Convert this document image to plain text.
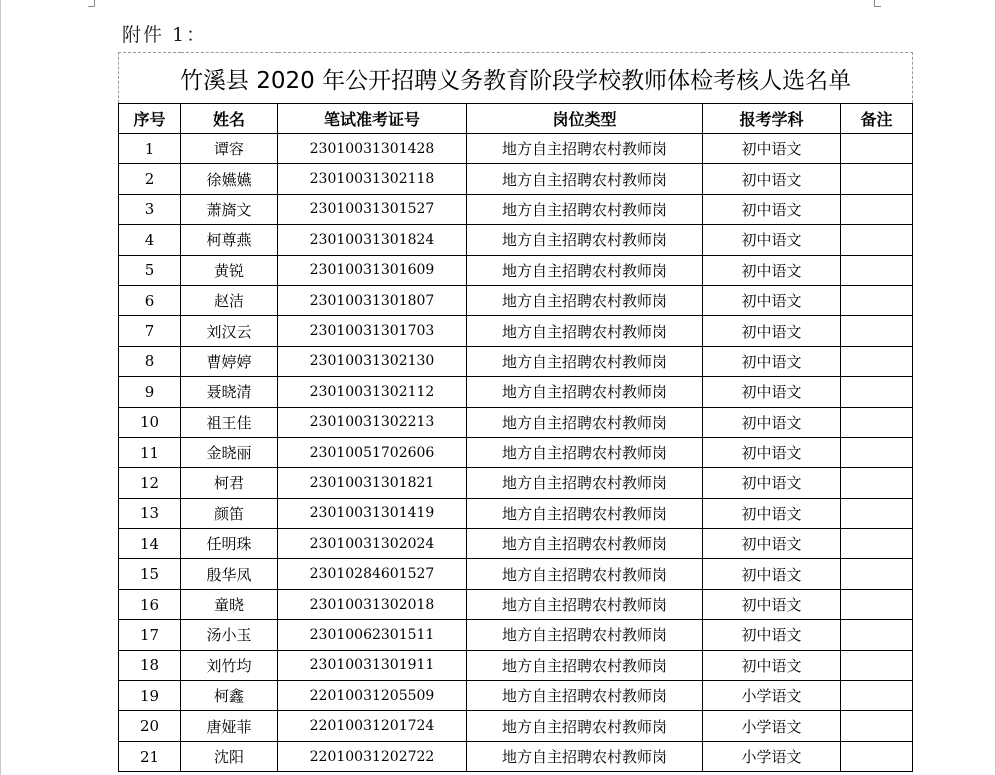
附件 1：
竹溪县 2020 年公开招聘义务教育阶段学校教师体检考核人选名单					
序号	姓名	笔试准考证号	岗位类型	报考学科	备注
1	谭容	23010031301428	地方自主招聘农村教师岗	初中语文	
2	徐嬿嬿	23010031302118	地方自主招聘农村教师岗	初中语文	
3	萧旖文	23010031301527	地方自主招聘农村教师岗	初中语文	
4	柯尊燕	23010031301824	地方自主招聘农村教师岗	初中语文	
5	黄锐	23010031301609	地方自主招聘农村教师岗	初中语文	
6	赵洁	23010031301807	地方自主招聘农村教师岗	初中语文	
7	刘汉云	23010031301703	地方自主招聘农村教师岗	初中语文	
8	曹婷婷	23010031302130	地方自主招聘农村教师岗	初中语文	
9	聂晓清	23010031302112	地方自主招聘农村教师岗	初中语文	
10	祖王佳	23010031302213	地方自主招聘农村教师岗	初中语文	
11	金晓丽	23010051702606	地方自主招聘农村教师岗	初中语文	
12	柯君	23010031301821	地方自主招聘农村教师岗	初中语文	
13	颜笛	23010031301419	地方自主招聘农村教师岗	初中语文	
14	任明珠	23010031302024	地方自主招聘农村教师岗	初中语文	
15	殷华凤	23010284601527	地方自主招聘农村教师岗	初中语文	
16	童晓	23010031302018	地方自主招聘农村教师岗	初中语文	
17	汤小玉	23010062301511	地方自主招聘农村教师岗	初中语文	
18	刘竹均	23010031301911	地方自主招聘农村教师岗	初中语文	
19	柯鑫	22010031205509	地方自主招聘农村教师岗	小学语文	
20	唐娅菲	22010031201724	地方自主招聘农村教师岗	小学语文	
21	沈阳	22010031202722	地方自主招聘农村教师岗	小学语文	
